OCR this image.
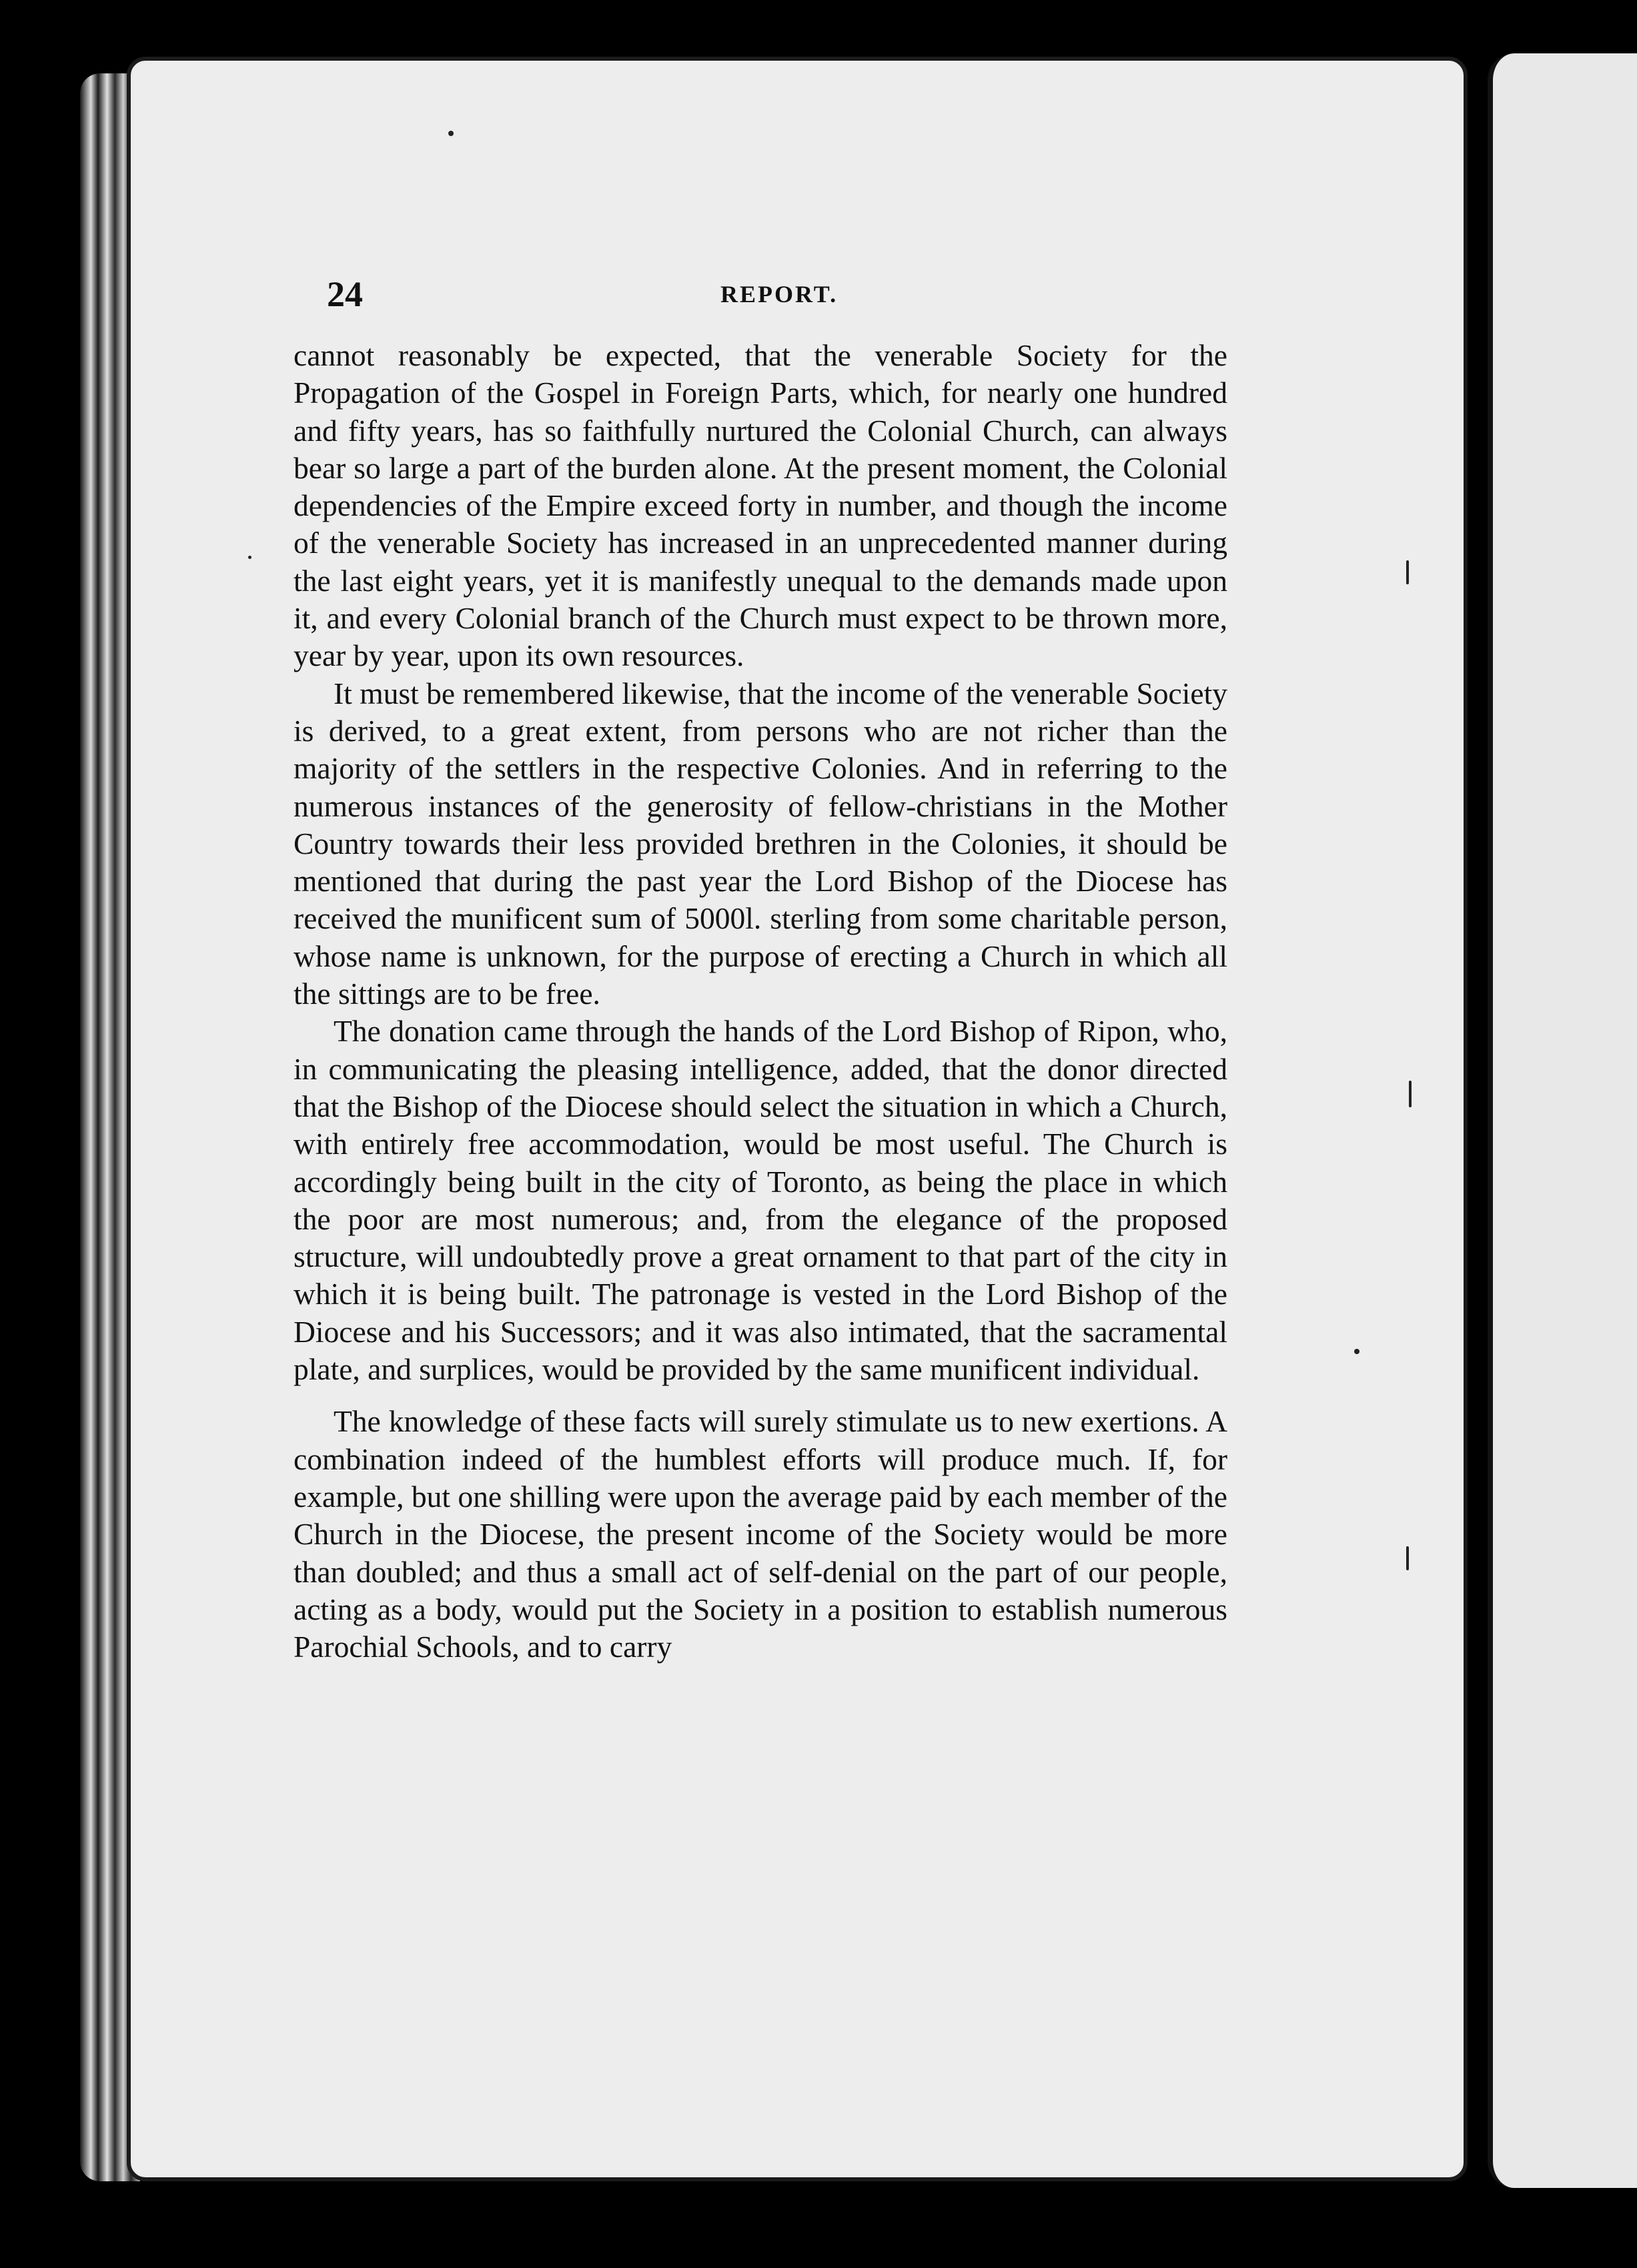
24	REPORT.

cannot reasonably be expected, that the venerable Society for the Propagation of the Gospel in Foreign Parts, which, for nearly one hundred and fifty years, has so faithfully nurtured the Colonial Church, can always bear so large a part of the burden alone. At the present moment, the Colonial dependencies of the Empire exceed forty in number, and though the income of the venerable Society has increased in an unprecedented manner during the last eight years, yet it is manifestly unequal to the demands made upon it, and every Colonial branch of the Church must expect to be thrown more, year by year, upon its own resources.

It must be remembered likewise, that the income of the venerable Society is derived, to a great extent, from persons who are not richer than the majority of the settlers in the respective Colonies. And in referring to the numerous instances of the generosity of fellow-christians in the Mother Country towards their less provided brethren in the Colonies, it should be mentioned that during the past year the Lord Bishop of the Diocese has received the munificent sum of 5000l. sterling from some charitable person, whose name is unknown, for the purpose of erecting a Church in which all the sittings are to be free.

The donation came through the hands of the Lord Bishop of Ripon, who, in communicating the pleasing intelligence, added, that the donor directed that the Bishop of the Diocese should select the situation in which a Church, with entirely free accommodation, would be most useful. The Church is accordingly being built in the city of Toronto, as being the place in which the poor are most numerous; and, from the elegance of the proposed structure, will undoubtedly prove a great ornament to that part of the city in which it is being built. The patronage is vested in the Lord Bishop of the Diocese and his Successors; and it was also intimated, that the sacramental plate, and surplices, would be provided by the same munificent individual.

The knowledge of these facts will surely stimulate us to new exertions. A combination indeed of the humblest efforts will produce much. If, for example, but one shilling were upon the average paid by each member of the Church in the Diocese, the present income of the Society would be more than doubled; and thus a small act of self-denial on the part of our people, acting as a body, would put the Society in a position to establish numerous Parochial Schools, and to carry
